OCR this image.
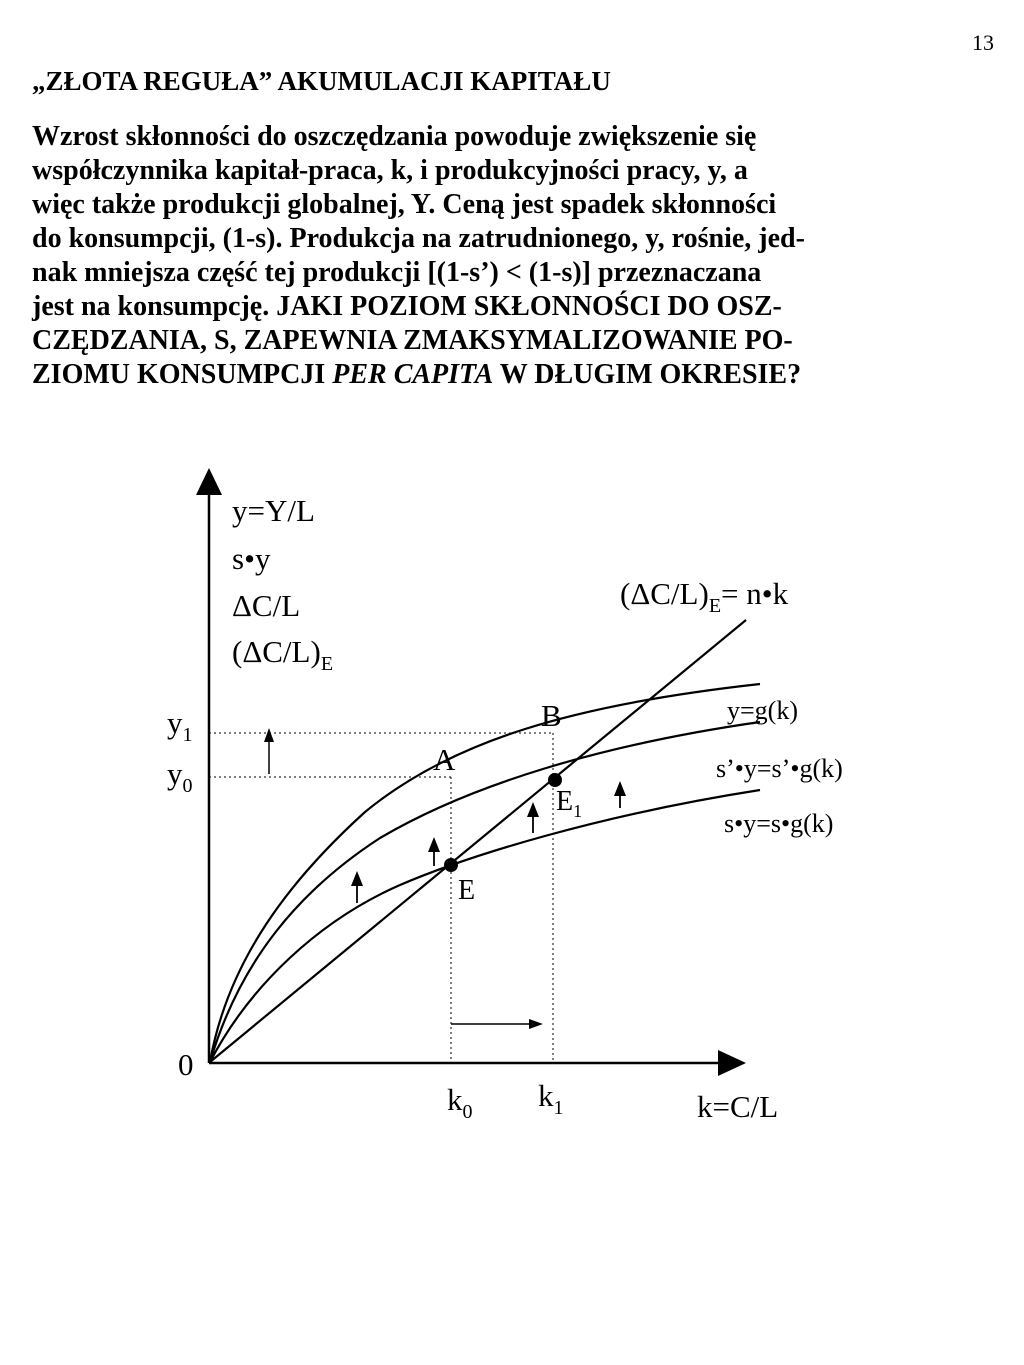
13
„ZŁOTA REGUŁA” AKUMULACJI KAPITAŁU
Wzrost skłonności do oszczędzania powoduje zwiększenie się
współczynnika kapitał-praca, k, i produkcyjności pracy, y, a
więc także produkcji globalnej, Y. Ceną jest spadek skłonności
do konsumpcji, (1-s). Produkcja na zatrudnionego, y, rośnie, jed-
nak mniejsza część tej produkcji [(1-s’) < (1-s)] przeznaczana
jest na konsumpcję. JAKI POZIOM SKŁONNOŚCI DO OSZ-
CZĘDZANIA, S, ZAPEWNIA ZMAKSYMALIZOWANIE PO-
ZIOMU KONSUMPCJI PER CAPITA W DŁUGIM OKRESIE?
y=Y/L
s•y
ΔC/L
$(\Delta C/L)_E$
$(\Delta C/L)_E=$ n•k
y=g(k)
s’•y=s’•g(k)
s•y=s•g(k)
A
B
E
$E_1$
$y_1$
$y_0$
0
$k_0$ $k_1$	k=C/L
